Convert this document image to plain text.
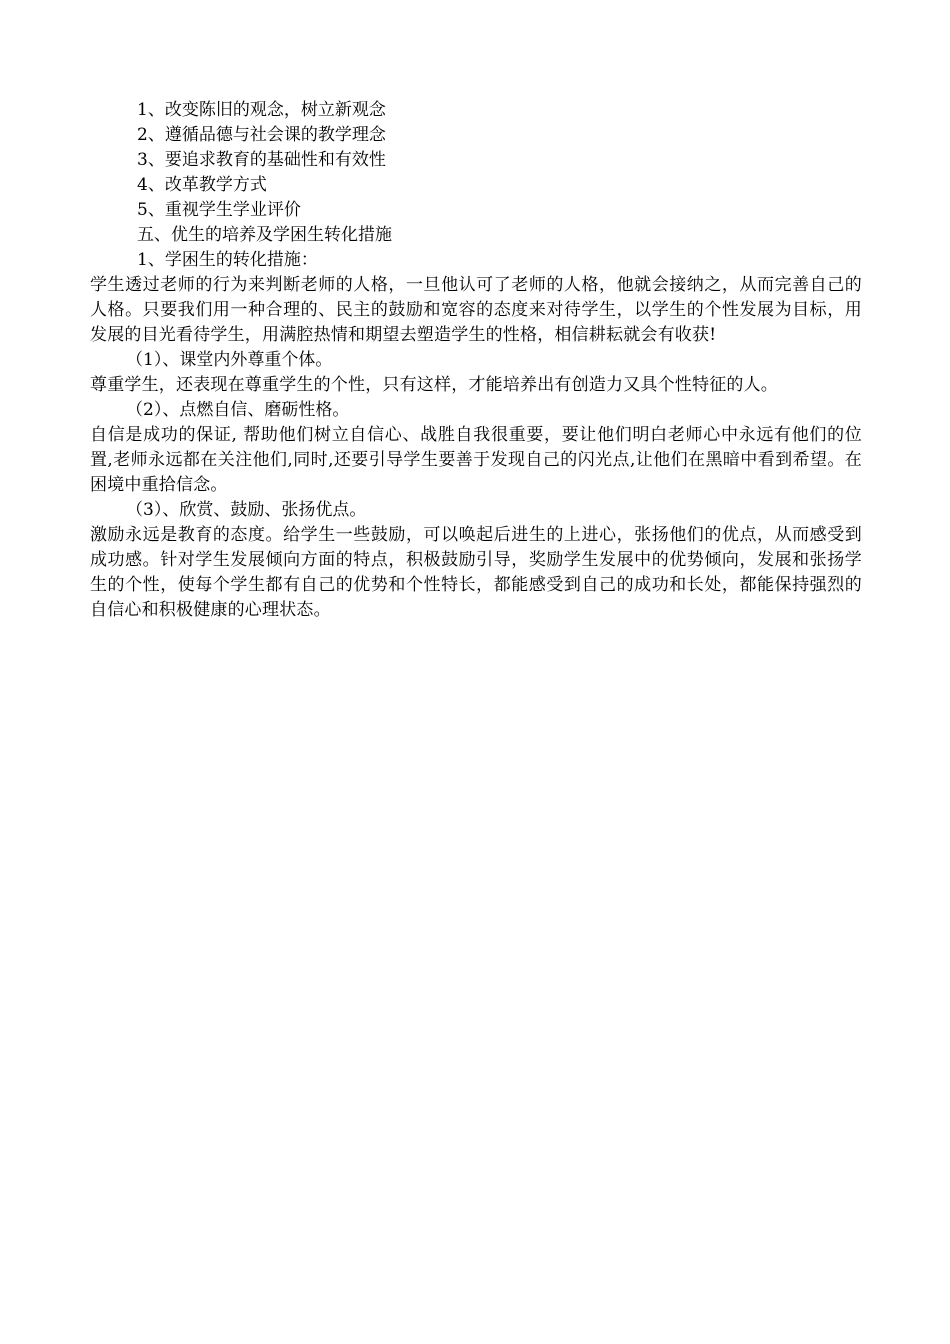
1、改变陈旧的观念，树立新观念
2、遵循品德与社会课的教学理念
3、要追求教育的基础性和有效性
4、改革教学方式
5、重视学生学业评价
五、优生的培养及学困生转化措施
1、学困生的转化措施：
学生透过老师的行为来判断老师的人格，一旦他认可了老师的人格，他就会接纳之，从而完善自己的人格。只要我们用一种合理的、民主的鼓励和宽容的态度来对待学生，以学生的个性发展为目标，用发展的目光看待学生，用满腔热情和期望去塑造学生的性格，相信耕耘就会有收获!
（1）、课堂内外尊重个体。
尊重学生，还表现在尊重学生的个性，只有这样，才能培养出有创造力又具个性特征的人。
（2）、点燃自信、磨砺性格。
自信是成功的保证, 帮助他们树立自信心、战胜自我很重要，要让他们明白老师心中永远有他们的位置,老师永远都在关注他们,同时,还要引导学生要善于发现自己的闪光点,让他们在黑暗中看到希望。在困境中重拾信念。
（3）、欣赏、鼓励、张扬优点。
激励永远是教育的态度。给学生一些鼓励，可以唤起后进生的上进心，张扬他们的优点，从而感受到成功感。针对学生发展倾向方面的特点，积极鼓励引导，奖励学生发展中的优势倾向，发展和张扬学生的个性，使每个学生都有自己的优势和个性特长，都能感受到自己的成功和长处，都能保持强烈的自信心和积极健康的心理状态。
